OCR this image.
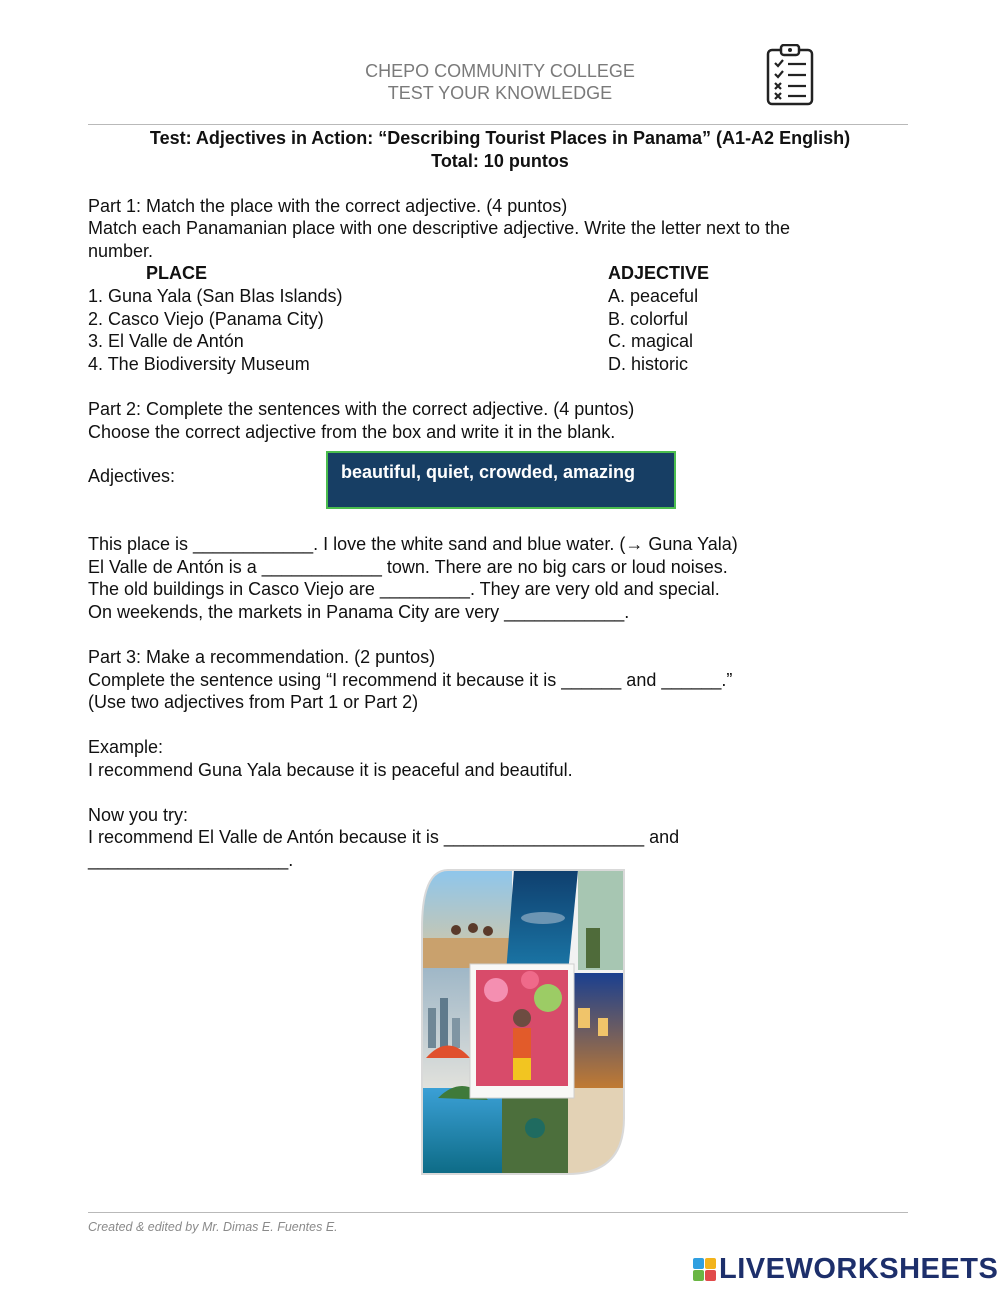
CHEPO COMMUNITY COLLEGE
TEST YOUR KNOWLEDGE
Test: Adjectives in Action: “Describing Tourist Places in Panama” (A1-A2 English)
Total: 10 puntos
Part 1: Match the place with the correct adjective. (4 puntos)
Match each Panamanian place with one descriptive adjective. Write the letter next to the
number.
PLACE	ADJECTIVE
1. Guna Yala (San Blas Islands)
2. Casco Viejo (Panama City)
3. El Valle de Antón
4. The Biodiversity Museum
A. peaceful
B. colorful
C. magical
D. historic
Part 2: Complete the sentences with the correct adjective. (4 puntos)
Choose the correct adjective from the box and write it in the blank.
Adjectives:	beautiful, quiet, crowded, amazing
This place is ____________. I love the white sand and blue water. (→ Guna Yala)
El Valle de Antón is a ____________ town. There are no big cars or loud noises.
The old buildings in Casco Viejo are _________. They are very old and special.
On weekends, the markets in Panama City are very ____________.
Part 3: Make a recommendation. (2 puntos)
Complete the sentence using “I recommend it because it is ______ and ______.”
(Use two adjectives from Part 1 or Part 2)
Example:
I recommend Guna Yala because it is peaceful and beautiful.
Now you try:
I recommend El Valle de Antón because it is ____________________ and
____________________.
Created & edited by Mr. Dimas E. Fuentes E.
LIVEWORKSHEETS
